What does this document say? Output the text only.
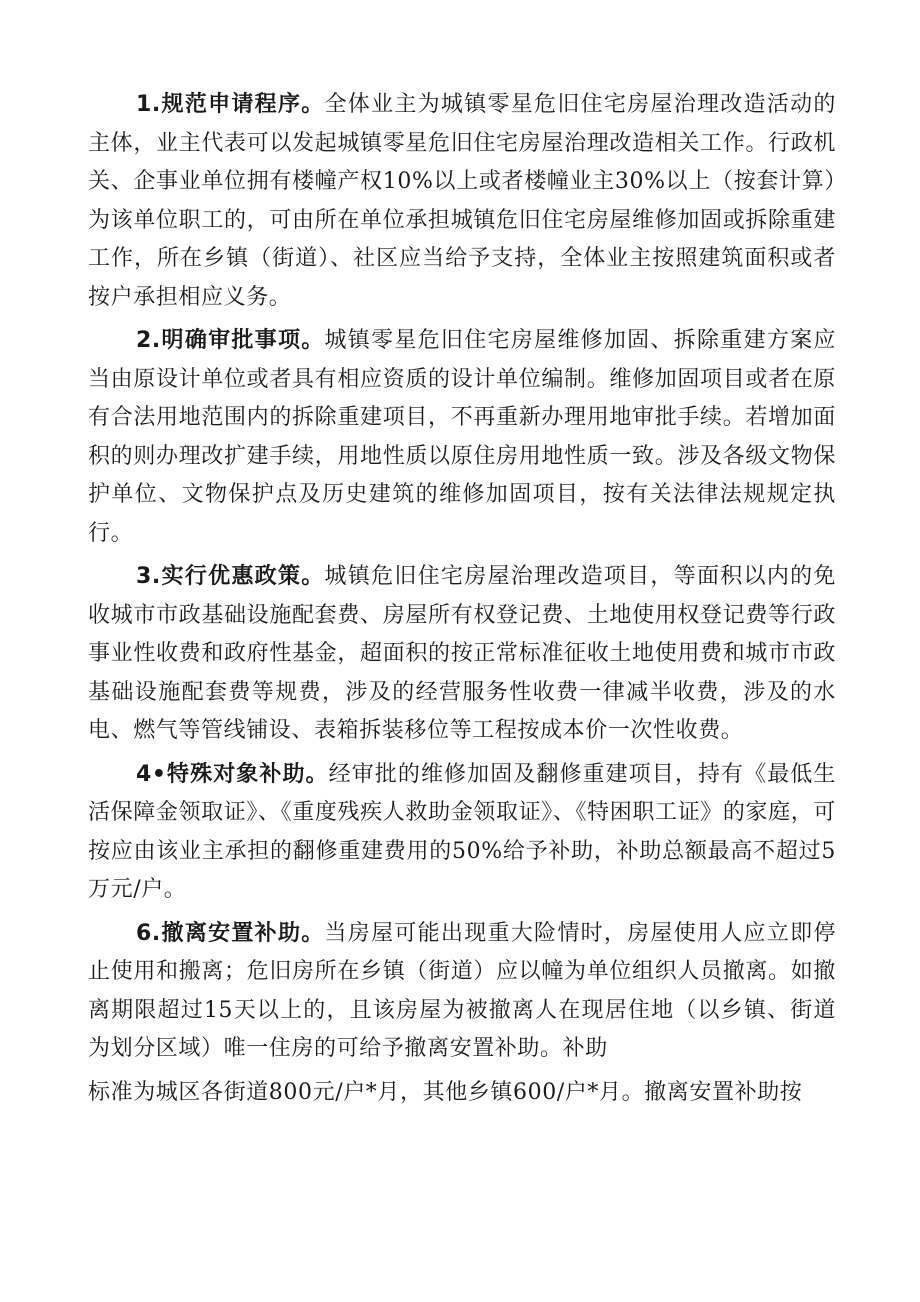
1.规范申请程序。全体业主为城镇零星危旧住宅房屋治理改造活动的主体，业主代表可以发起城镇零星危旧住宅房屋治理改造相关工作。行政机关、企事业单位拥有楼幢产权10%以上或者楼幢业主30%以上（按套计算）为该单位职工的，可由所在单位承担城镇危旧住宅房屋维修加固或拆除重建工作，所在乡镇（街道）、社区应当给予支持，全体业主按照建筑面积或者按户承担相应义务。

2.明确审批事项。城镇零星危旧住宅房屋维修加固、拆除重建方案应当由原设计单位或者具有相应资质的设计单位编制。维修加固项目或者在原有合法用地范围内的拆除重建项目，不再重新办理用地审批手续。若增加面积的则办理改扩建手续，用地性质以原住房用地性质一致。涉及各级文物保护单位、文物保护点及历史建筑的维修加固项目，按有关法律法规规定执行。

3.实行优惠政策。城镇危旧住宅房屋治理改造项目，等面积以内的免收城市市政基础设施配套费、房屋所有权登记费、土地使用权登记费等行政事业性收费和政府性基金，超面积的按正常标准征收土地使用费和城市市政基础设施配套费等规费，涉及的经营服务性收费一律减半收费，涉及的水电、燃气等管线铺设、表箱拆装移位等工程按成本价一次性收费。

4•特殊对象补助。经审批的维修加固及翻修重建项目，持有《最低生活保障金领取证》、《重度残疾人救助金领取证》、《特困职工证》的家庭，可按应由该业主承担的翻修重建费用的50%给予补助，补助总额最高不超过5万元/户。

6.撤离安置补助。当房屋可能出现重大险情时，房屋使用人应立即停止使用和搬离；危旧房所在乡镇（街道）应以幢为单位组织人员撤离。如撤离期限超过15天以上的，且该房屋为被撤离人在现居住地（以乡镇、街道为划分区域）唯一住房的可给予撤离安置补助。补助

标准为城区各街道800元/户*月，其他乡镇600/户*月。撤离安置补助按
